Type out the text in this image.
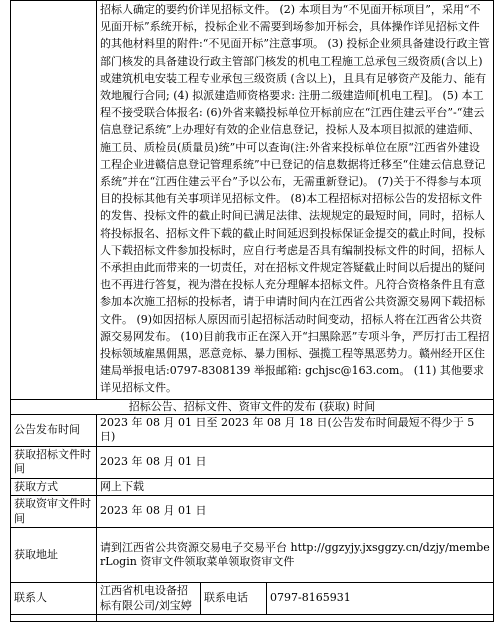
	招标人确定的要约价详见招标文件。 (2) 本项目为“不见面开标项目”，采用“不见面开标”系统开标，投标企业不需要到场参加开标会，具体操作详见招标文件的其他材料里的附件:“不见面开标”注意事项。 (3) 投标企业须具备建设行政主管部门核发的具备建设行政主管部门核发的机电工程施工总承包三级资质(含以上) 或建筑机电安装工程专业承包三级资质 (含以上)，且具有足够资产及能力、能有效地履行合同; (4) 拟派建造师资格要求: 注册二级建造师[机电工程]。 (5) 本工程不接受联合体报名: (6)外省来赣投标单位开标前应在“江西住建云平台”-“建云信息登记系统”上办理好有效的企业信息登记，投标人及本项目拟派的建造师、施工员、质检员(质量员)统”中可以查询(注:外省来投标单位在原“江西省外建设工程企业进赣信息登记管理系统”中已登记的信息数据将迁移至“住建云信息登记系统”并在“江西住建云平台”予以公布，无需重新登记)。 (7)关于不得参与本项目的投标其他有关事项详见招标文件。 (8)本工程招标对招标公告的发招标文件的发售、投标文件的截止时间已满足法律、法规规定的最短时间，同时，招标人将投标报名、招标文件下载的截止时间延迟到投标保证金提交的截止时间，投标人下载招标文件参加投标时，应自行考虑是否具有编制投标文件的时间，招标人不承担由此而带来的一切责任，对在招标文件规定答疑截止时间以后提出的疑问也不再进行答复，视为潜在投标人充分理解本招标文件。凡符合资格条件且有意参加本次施工招标的投标者，请于申请时间内在江西省公共资源交易网下载招标文件。 (9)如因招标人原因而引起招标活动时间变动，招标人将在江西省公共资源交易网发布。 (10)目前我市正在深入开“扫黑除恶”专项斗争，严厉打击工程招投标领域雇黑佣黑，恶意竞标、暴力围标、强揽工程等黑恶势力。赣州经开区住建局举报电话:0797-8308139 举报邮箱: gchjsc@163.com。 (11) 其他要求详见招标文件。		
招标公告、招标文件、资审文件的发布 (获取) 时间			
公告发布时间	2023 年 08 月 01 日至 2023 年 08 月 18 日(公告发布时间最短不得少于 5 日)		
获取招标文件时间	2023 年 08 月 01 日		
获取方式	网上下载		
获取资审文件时间	2023 年 08 月 01 日		
获取地址	请到江西省公共资源交易电子交易平台 http://ggzyjy.jxsggzy.cn/dzjy/memberLogin 资审文件领取菜单领取资审文件		
联系人	江西省机电设备招标有限公司/刘宝婷	联系电话	0797-8165931
